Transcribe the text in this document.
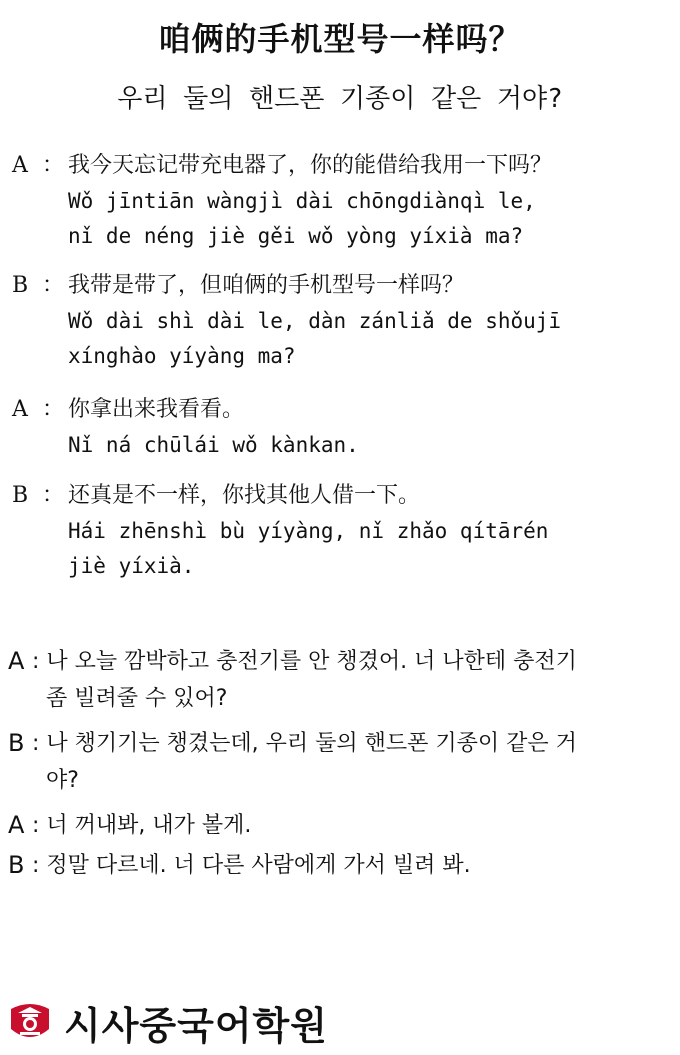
咱俩的手机型号一样吗？
우리 둘의 핸드폰 기종이 같은 거야?
A ： 我今天忘记带充电器了，你的能借给我用一下吗？
Wǒ jīntiān wàngjì dài chōngdiànqì le,
nǐ de néng jiè gěi wǒ yòng yíxià ma?
B ： 我带是带了，但咱俩的手机型号一样吗？
Wǒ dài shì dài le, dàn zánliǎ de shǒujī
xínghào yíyàng ma?
A ： 你拿出来我看看。
Nǐ ná chūlái wǒ kànkan.
B ： 还真是不一样，你找其他人借一下。
Hái zhēnshì bù yíyàng, nǐ zhǎo qítārén
jiè yíxià.
A : 나 오늘 깜박하고 충전기를 안 챙겼어. 너 나한테 충전기
좀 빌려줄 수 있어?
B : 나 챙기기는 챙겼는데, 우리 둘의 핸드폰 기종이 같은 거
야?
A : 너 꺼내봐, 내가 볼게.
B : 정말 다르네. 너 다른 사람에게 가서 빌려 봐.
시사중국어학원
